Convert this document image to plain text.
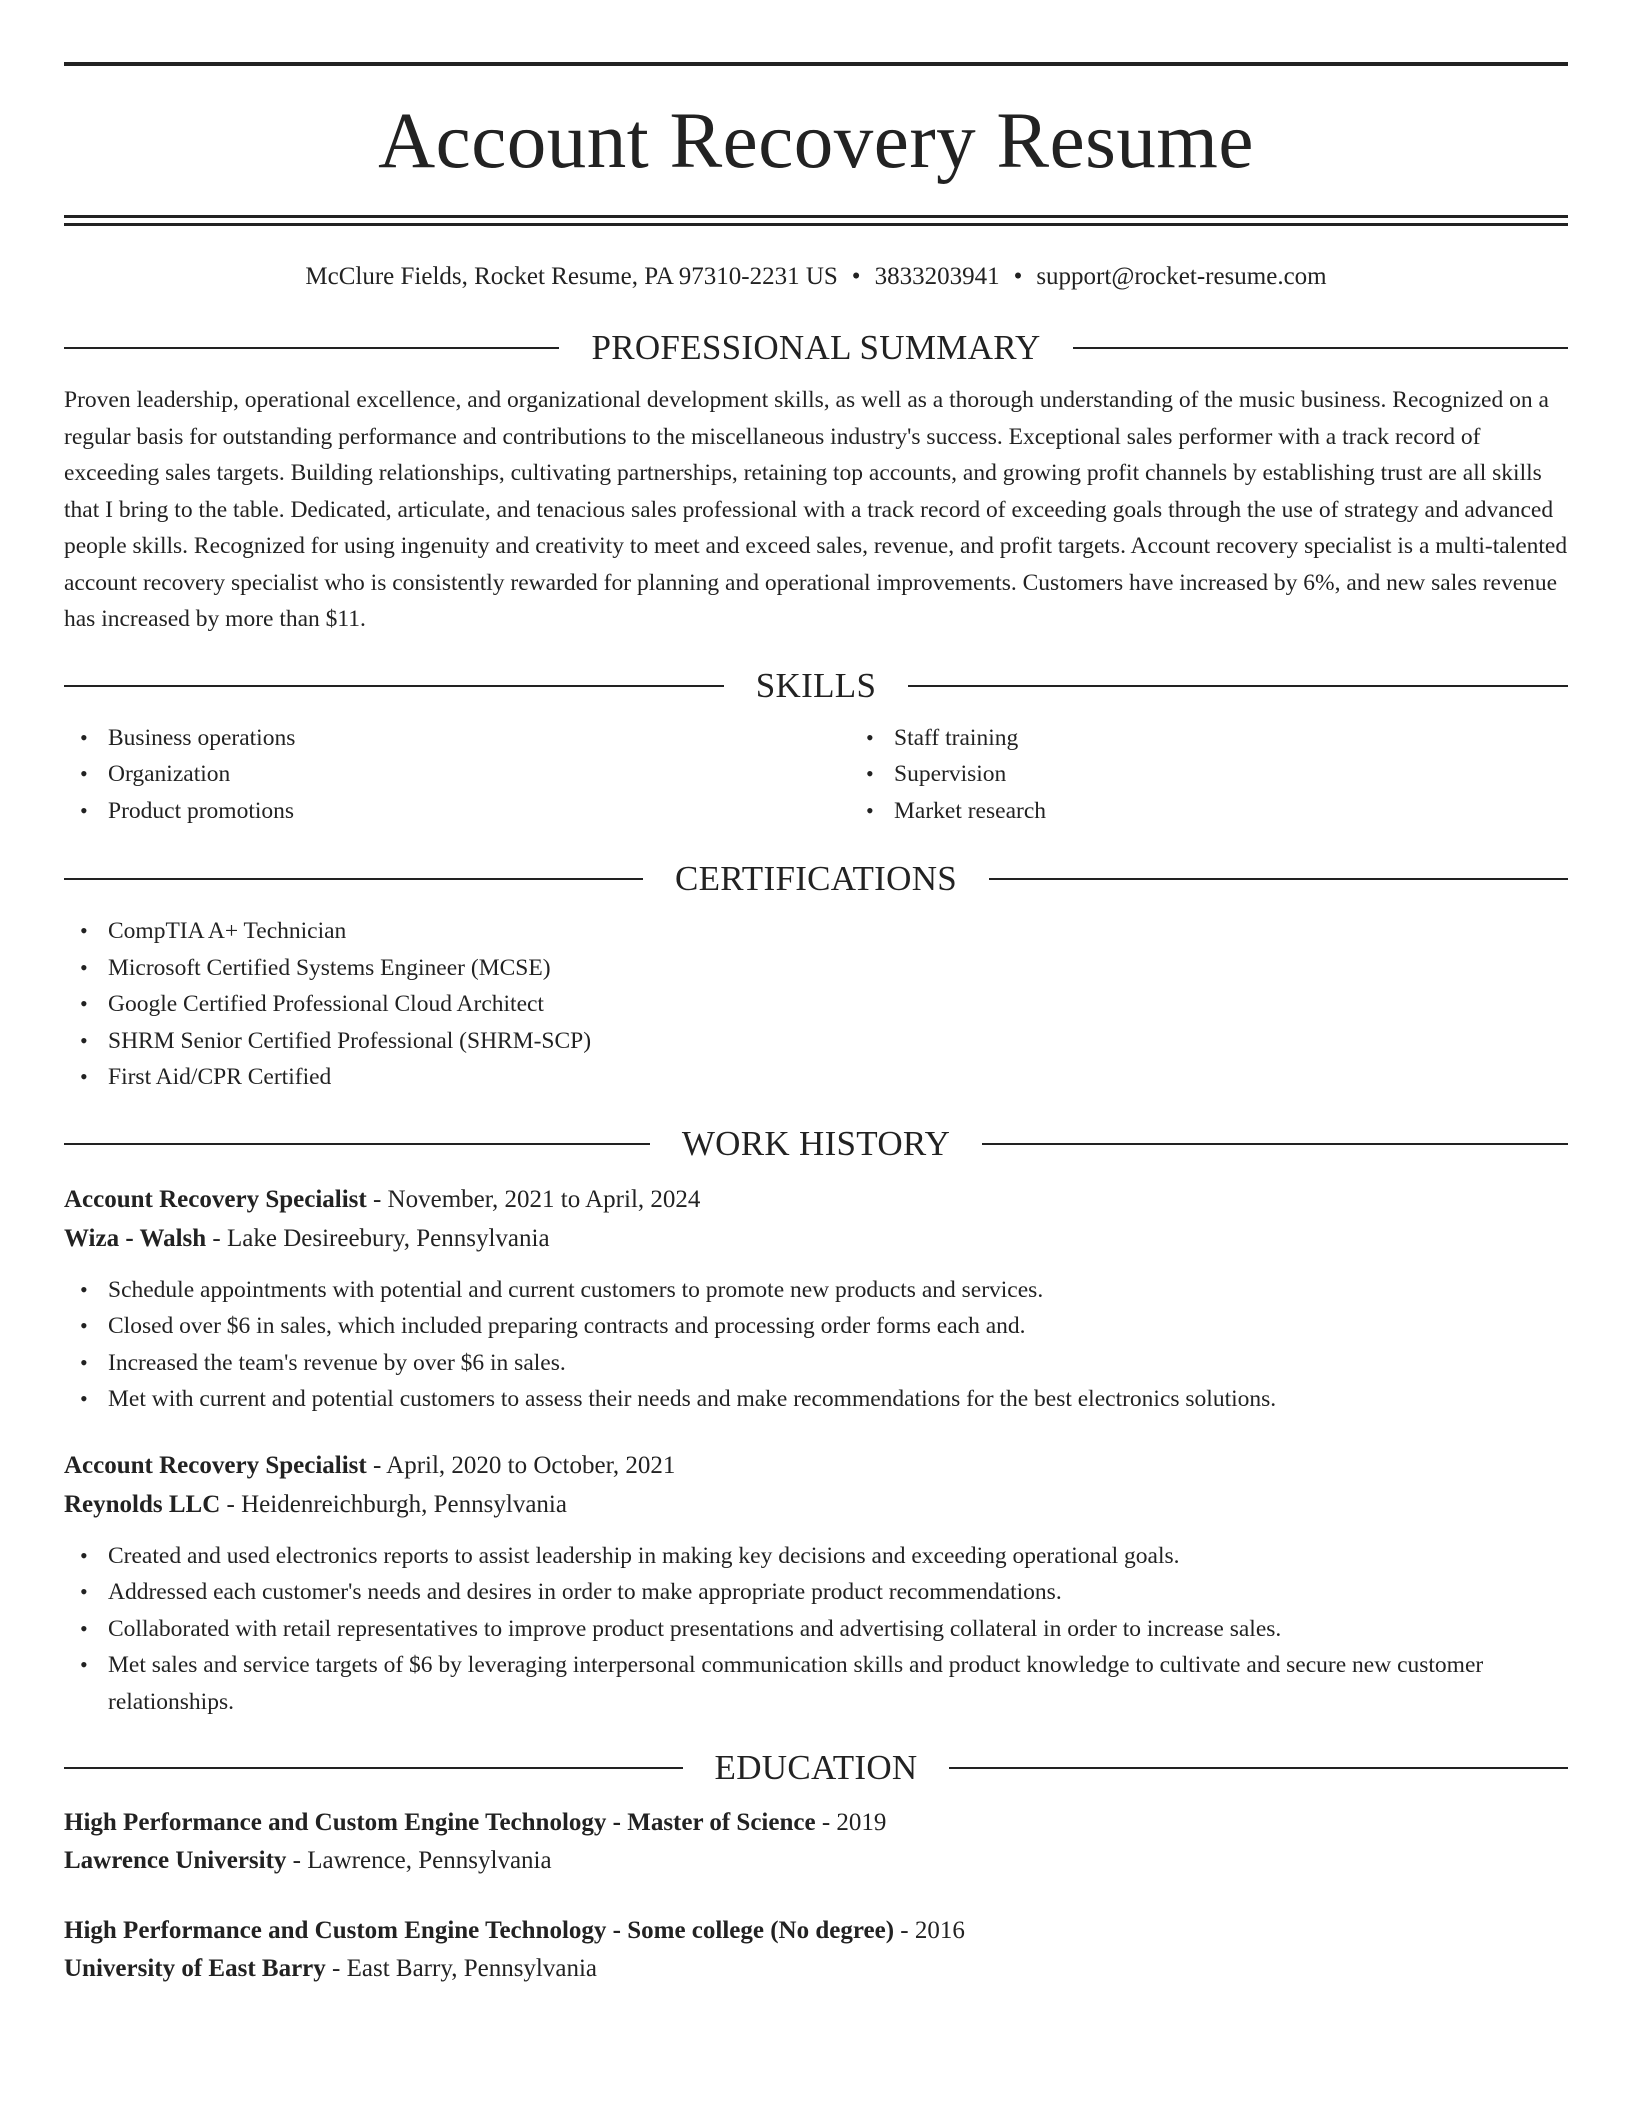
Account Recovery Resume
McClure Fields, Rocket Resume, PA 97310-2231 US • 3833203941 • support@rocket-resume.com
PROFESSIONAL SUMMARY
Proven leadership, operational excellence, and organizational development skills, as well as a thorough understanding of the music business. Recognized on a regular basis for outstanding performance and contributions to the miscellaneous industry's success. Exceptional sales performer with a track record of exceeding sales targets. Building relationships, cultivating partnerships, retaining top accounts, and growing profit channels by establishing trust are all skills that I bring to the table. Dedicated, articulate, and tenacious sales professional with a track record of exceeding goals through the use of strategy and advanced people skills. Recognized for using ingenuity and creativity to meet and exceed sales, revenue, and profit targets. Account recovery specialist is a multi-talented account recovery specialist who is consistently rewarded for planning and operational improvements. Customers have increased by 6%, and new sales revenue has increased by more than $11.
SKILLS
• Business operations
• Organization
• Product promotions
• Staff training
• Supervision
• Market research
CERTIFICATIONS
• CompTIA A+ Technician
• Microsoft Certified Systems Engineer (MCSE)
• Google Certified Professional Cloud Architect
• SHRM Senior Certified Professional (SHRM-SCP)
• First Aid/CPR Certified
WORK HISTORY
Account Recovery Specialist - November, 2021 to April, 2024
Wiza - Walsh - Lake Desireebury, Pennsylvania
• Schedule appointments with potential and current customers to promote new products and services.
• Closed over $6 in sales, which included preparing contracts and processing order forms each and.
• Increased the team's revenue by over $6 in sales.
• Met with current and potential customers to assess their needs and make recommendations for the best electronics solutions.
Account Recovery Specialist - April, 2020 to October, 2021
Reynolds LLC - Heidenreichburgh, Pennsylvania
• Created and used electronics reports to assist leadership in making key decisions and exceeding operational goals.
• Addressed each customer's needs and desires in order to make appropriate product recommendations.
• Collaborated with retail representatives to improve product presentations and advertising collateral in order to increase sales.
• Met sales and service targets of $6 by leveraging interpersonal communication skills and product knowledge to cultivate and secure new customer relationships.
EDUCATION
High Performance and Custom Engine Technology - Master of Science - 2019
Lawrence University - Lawrence, Pennsylvania
High Performance and Custom Engine Technology - Some college (No degree) - 2016
University of East Barry - East Barry, Pennsylvania
